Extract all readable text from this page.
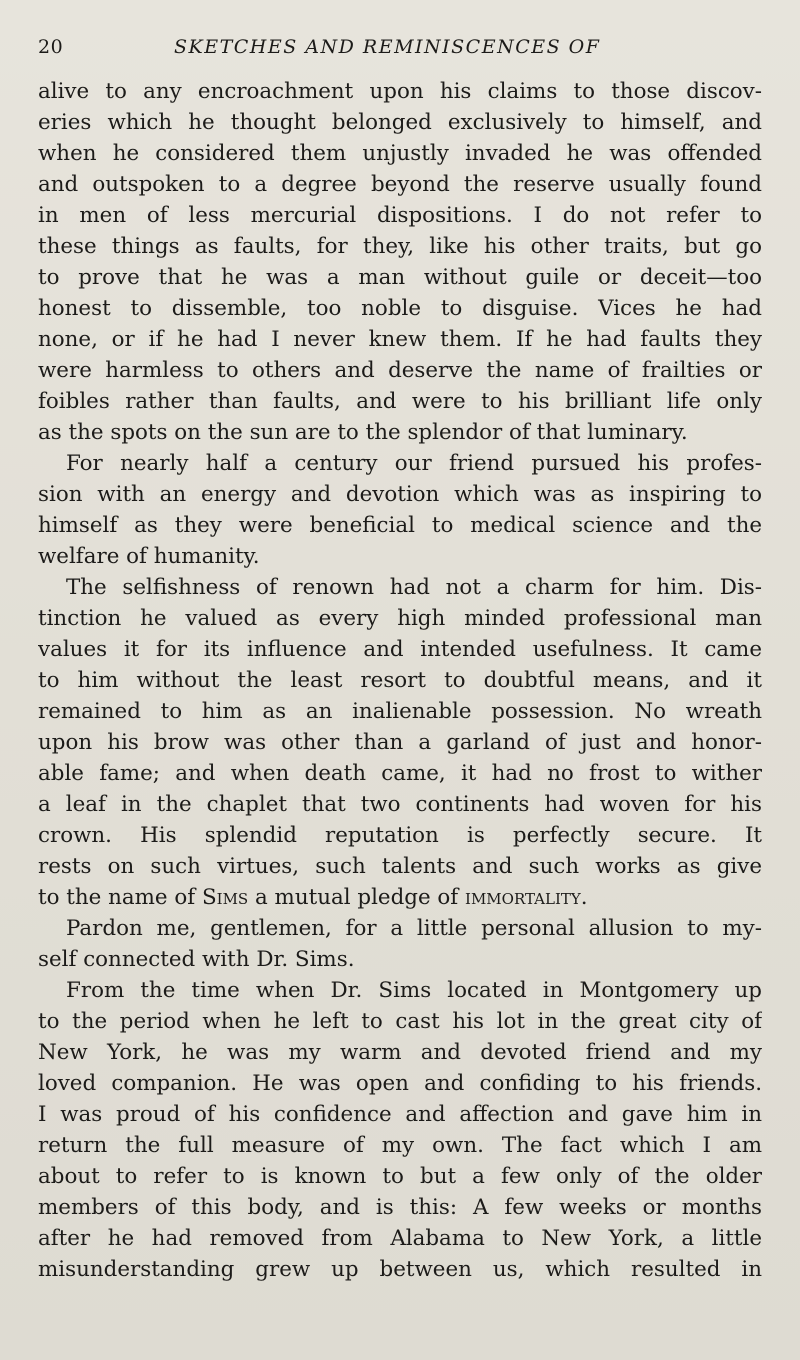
20	SKETCHES AND REMINISCENCES OF
alive to any encroachment upon his claims to those discov-
eries which he thought belonged exclusively to himself, and
when he considered them unjustly invaded he was offended
and outspoken to a degree beyond the reserve usually found
in men of less mercurial dispositions. I do not refer to
these things as faults, for they, like his other traits, but go
to prove that he was a man without guile or deceit—too
honest to dissemble, too noble to disguise. Vices he had
none, or if he had I never knew them. If he had faults they
were harmless to others and deserve the name of frailties or
foibles rather than faults, and were to his brilliant life only
as the spots on the sun are to the splendor of that luminary.
For nearly half a century our friend pursued his profes-
sion with an energy and devotion which was as inspiring to
himself as they were beneficial to medical science and the
welfare of humanity.
The selfishness of renown had not a charm for him. Dis-
tinction he valued as every high minded professional man
values it for its influence and intended usefulness. It came
to him without the least resort to doubtful means, and it
remained to him as an inalienable possession. No wreath
upon his brow was other than a garland of just and honor-
able fame; and when death came, it had no frost to wither
a leaf in the chaplet that two continents had woven for his
crown. His splendid reputation is perfectly secure. It
rests on such virtues, such talents and such works as give
to the name of Sims a mutual pledge of immortality.
Pardon me, gentlemen, for a little personal allusion to my-
self connected with Dr. Sims.
From the time when Dr. Sims located in Montgomery up
to the period when he left to cast his lot in the great city of
New York, he was my warm and devoted friend and my
loved companion. He was open and confiding to his friends.
I was proud of his confidence and affection and gave him in
return the full measure of my own. The fact which I am
about to refer to is known to but a few only of the older
members of this body, and is this: A few weeks or months
after he had removed from Alabama to New York, a little
misunderstanding grew up between us, which resulted in
